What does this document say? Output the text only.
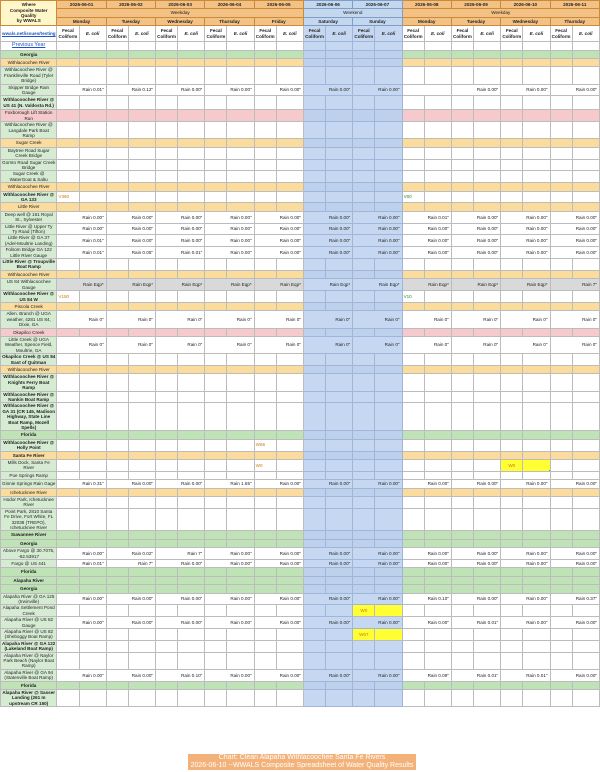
Where
Composite Water Quality
by WWALS	2026-06-01		2026-06-02		2026-06-03		2026-06-04		2026-06-05		2026-06-06		2026-06-07		2026-06-08		2026-06-09		2026-06-10		2026-06-11	
	Weekday										Weekend				Weekday							
	Monday		Tuesday		Wednesday		Thursday		Friday		Saturday		Sunday		Monday		Tuesday		Wednesday		Thursday	
wwals.net/issues/testing	Fecal Coliform	E. coli	Fecal Coliform	E. coli	Fecal Coliform	E. coli	Fecal Coliform	E. coli	Fecal Coliform	E. coli	Fecal Coliform	E. coli	Fecal Coliform	E. coli	Fecal Coliform	E. coli	Fecal Coliform	E. coli	Fecal Coliform	E. coli	Fecal Coliform	E. coli
Previous Year																						
Georgia																						
Withlacoochee River																						
Withlacoochee River @ Franklinville Road (Tyler Bridge)																						
Skipper Bridge Rain Gauge	Rain 0.01"		Rain 0.12"		Rain 0.00"		Rain 0.00"		Rain 0.00"		Rain 0.00"		Rain 0.00"				Rain 0.00"		Rain 0.00"		Rain 0.00"	
Withlacoochee River @ US 41 (N. Valdosta Rd.)																						
Foxborough Lift Station Run																						
Withlacoochee River @ Langdale Park Boat Ramp																						
Sugar Creek																						
Baytree Road Sugar Creek Bridge																						
Gornto Road Sugar Creek Bridge																						
Sugar Creek @ WaterGoat & Saltu																						
Withlacoochee River																						
Withlacoochee River @ GA 133	V360														V60							
Little River																						
Deep well @ 161 Royal St., Sylvester	Rain 0.00"		Rain 0.00"		Rain 0.00"		Rain 0.00"		Rain 0.00"		Rain 0.00"		Rain 0.00"		Rain 0.01"		Rain 0.00"		Rain 0.00"		Rain 0.00"	
Little River @ Upper Ty Ty Road (Tifton)	Rain 0.00"		Rain 0.00"		Rain 0.00"		Rain 0.00"		Rain 0.00"		Rain 0.00"		Rain 0.00"		Rain 0.00"		Rain 0.00"		Rain 0.00"		Rain 0.00"	
Little River @ GA 37 (Adel-Moultrie Landing)	Rain 0.01"		Rain 0.00"		Rain 0.00"		Rain 0.00"		Rain 0.00"		Rain 0.00"		Rain 0.00"		Rain 0.00"		Rain 0.00"		Rain 0.00"		Rain 0.00"	
Folsom Bridge GA 122 Little River Gauge	Rain 0.01"		Rain 0.05"		Rain 0.01"		Rain 0.00"		Rain 0.00"		Rain 0.00"		Rain 0.00"		Rain 0.00"		Rain 0.00"		Rain 0.00"		Rain 0.00"	
Little River @ Troupville Boat Ramp																						
Withlacoochee River																						
US 84 Withlacoochee Gauge	Rain Eqp*		Rain Eqp*		Rain Eqp*		Rain Eqp*		Rain Eqp*		Rain Eqp*		Rain Eqp*		Rain Eqp*		Rain Eqp*		Rain Eqp*		Rain 7"	
Withlacoochee River @ US 84 W	V150														V10							
Piscola Creek																						
Allen. Branch @ UGA weather, 4281 US 84, Dixie, GA	Rain 0"		Rain 0"		Rain 0"		Rain 0"		Rain 0"		Rain 0"		Rain 0"		Rain 0"		Rain 0"		Rain 0"		Rain 0"	
Okapilco Creek																						
Little Creek @ UGA Weather, Spence Field, Moultrie, GA	Rain 0"		Rain 0"		Rain 0"		Rain 0"		Rain 0"		Rain 0"		Rain 0"		Rain 0"		Rain 0"		Rain 0"		Rain 0"	
Okapilco Creek @ US 84 East of Quitman																						
Withlacoochee River																						
Withlacoochee River @ Knights Ferry Boat Ramp																						
Withlacoochee River @ Nankin Boat Ramp																						
Withlacoochee River @ GA 31 (CR 145, Madison Highway, State Line Boat Ramp, Mozell Spells)																						
Florida																						
Withlacoochee River @ Holly Point									W66													
Santa Fe River																						
Mills Dock, Santa Fe River									W0										W0	

Poe Springs Ramp																						
Ginnie Springs Rain Gage	Rain 0.31"		Rain 0.00"		Rain 0.00"		Rain 1.65"		Rain 0.00"		Rain 0.00"		Rain 0.00"		Rain 0.00"		Rain 0.00"		Rain 0.00"		Rain 0.00"	
Ichetucknee River																						
Hodor Park, Ichetucknee River																						
Point Park, 2810 Santa Fe Drive, Fort White, FL 32038 (TREPO), Ichetucknee River																						
Suwannee River																						
Georgia																						
Above Fargo @ 30.7075, -82.53917	Rain 0.00"		Rain 0.02"		Rain 7"		Rain 0.00"		Rain 0.00"		Rain 0.00"		Rain 0.00"		Rain 0.00"		Rain 0.00"		Rain 0.00"		Rain 0.00"	
Fargo @ US 441	Rain 0.01"		Rain 7"		Rain 0.00"		Rain 0.00"		Rain 0.00"		Rain 0.00"		Rain 0.00"		Rain 0.00"		Rain 0.00"		Rain 0.00"		Rain 0.00"	
Florida																						
Alapaha River																						
Georgia																						
Alapaha River @ GA 125 (Irwinville)	Rain 0.00"		Rain 0.00"		Rain 0.00"		Rain 0.00"		Rain 0.00"		Rain 0.00"		Rain 0.00"		Rain 0.10"		Rain 0.00"		Rain 0.00"		Rain 0.37"	
Alapaha Settlement Pond Creek													W0									
Alapaha River @ US 82 Gauge	Rain 0.00"		Rain 0.00"		Rain 0.00"		Rain 0.00"		Rain 0.00"		Rain 0.00"		Rain 0.00"		Rain 0.00"		Rain 0.01"		Rain 0.00"		Rain 0.00"	
Alapaha River @ US 82 (Sheboggy Boat Ramp)													W67									
Alapaha River @ GA 122 (Lakeland Boat Ramp)																						
Alapaha River @ Naylor Park Beach (Naylor Boat Ramp)																						
Alapaha River @ GA 94 (Statenville Boat Ramp)	Rain 0.00"		Rain 0.00"		Rain 0.10"		Rain 0.00"		Rain 0.00"		Rain 0.00"		Rain 0.00"		Rain 0.09"		Rain 0.01"		Rain 0.01"		Rain 0.00"	
Florida																						
Alapaha River @ Sasser Landing (261 m upstream CR 150)																						
Chart: Clean Alapaha Withlacoochee Santa Fe Rivers
2026-06-10 --WWALS Composite Spreadsheet of Water Quality Results
